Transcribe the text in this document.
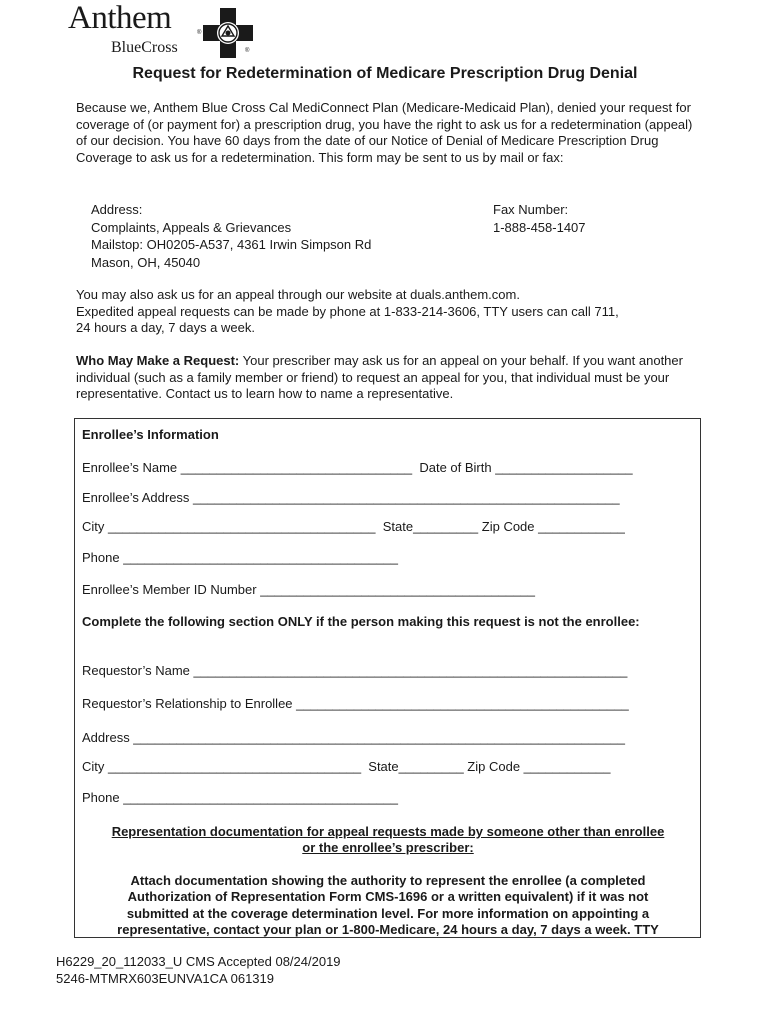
Anthem
BlueCross
®
®
Request for Redetermination of Medicare Prescription Drug Denial

Because we, Anthem Blue Cross Cal MediConnect Plan (Medicare-Medicaid Plan), denied your request for coverage of (or payment for) a prescription drug, you have the right to ask us for a redetermination (appeal) of our decision. You have 60 days from the date of our Notice of Denial of Medicare Prescription Drug Coverage to ask us for a redetermination. This form may be sent to us by mail or fax:

Address:
Complaints, Appeals & Grievances
Mailstop: OH0205-A537, 4361 Irwin Simpson Rd
Mason, OH, 45040
Fax Number:
1-888-458-1407
You may also ask us for an appeal through our website at duals.anthem.com.
Expedited appeal requests can be made by phone at 1-833-214-3606, TTY users can call 711,
24 hours a day, 7 days a week.

Who May Make a Request: Your prescriber may ask us for an appeal on your behalf. If you want another individual (such as a family member or friend) to request an appeal for you, that individual must be your representative. Contact us to learn how to name a representative.

Enrollee’s Information
Enrollee’s Name ________________________________  Date of Birth ___________________
Enrollee’s Address ___________________________________________________________
City _____________________________________  State_________ Zip Code ____________
Phone ______________________________________
Enrollee’s Member ID Number ______________________________________
Complete the following section ONLY if the person making this request is not the enrollee:
Requestor’s Name ____________________________________________________________
Requestor’s Relationship to Enrollee ______________________________________________
Address ____________________________________________________________________
City ___________________________________  State_________ Zip Code ____________
Phone ______________________________________
Representation documentation for appeal requests made by someone other than enrollee
or the enrollee’s prescriber:
Attach documentation showing the authority to represent the enrollee (a completed
Authorization of Representation Form CMS-1696 or a written equivalent) if it was not
submitted at the coverage determination level. For more information on appointing a
representative, contact your plan or 1-800-Medicare, 24 hours a day, 7 days a week. TTY
H6229_20_112033_U CMS Accepted 08/24/2019
5246-MTMRX603EUNVA1CA 061319
